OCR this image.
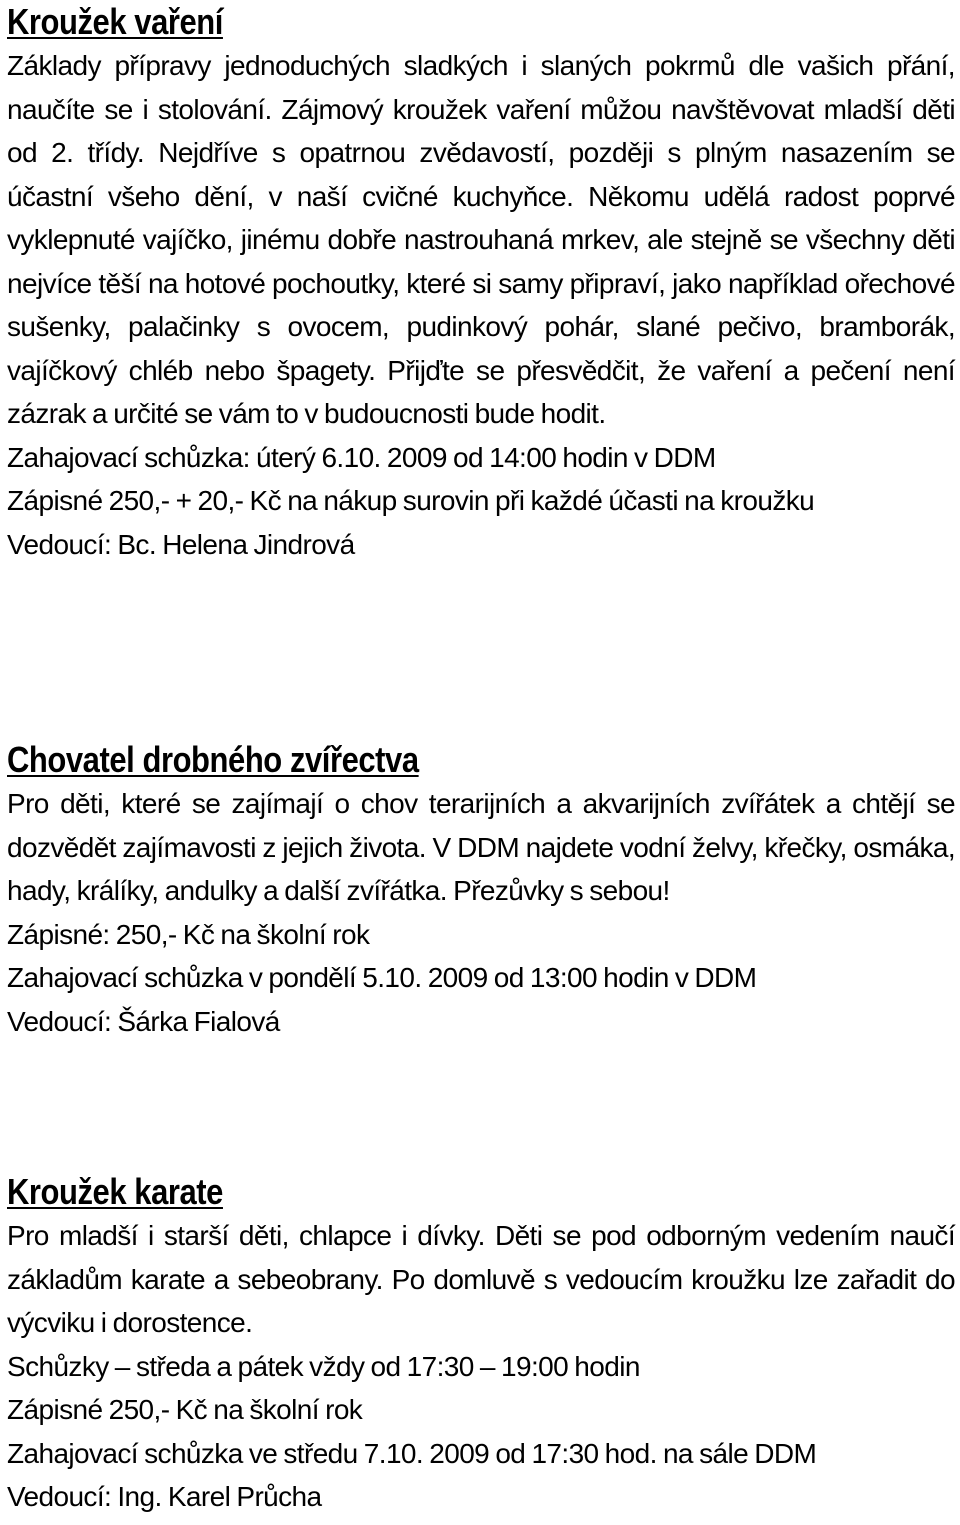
Kroužek vaření

Základy přípravy jednoduchých sladkých i slaných pokrmů dle vašich přání, naučíte se i stolování. Zájmový kroužek vaření můžou navštěvovat mladší děti od 2. třídy. Nejdříve s opatrnou zvědavostí, později s plným nasazením se účastní všeho dění, v naší cvičné kuchyňce. Někomu udělá radost poprvé vyklepnuté vajíčko, jinému dobře nastrouhaná mrkev, ale stejně se všechny děti nejvíce těší na hotové pochoutky, které si samy připraví, jako například ořechové sušenky, palačinky s ovocem, pudinkový pohár, slané pečivo, bramborák, vajíčkový chléb nebo špagety. Přijďte se přesvědčit, že vaření a pečení není zázrak a určité se vám to v budoucnosti bude hodit.

Zahajovací schůzka: úterý 6.10. 2009 od 14:00 hodin v DDM

Zápisné 250,- + 20,- Kč na nákup surovin při každé účasti na kroužku

Vedoucí: Bc. Helena Jindrová

Chovatel drobného zvířectva

Pro děti, které se zajímají o chov terarijních a akvarijních zvířátek a chtějí se dozvědět zajímavosti z jejich života. V DDM najdete vodní želvy, křečky, osmáka, hady, králíky, andulky a další zvířátka. Přezůvky s sebou!

Zápisné: 250,- Kč na školní rok

Zahajovací schůzka v pondělí 5.10. 2009 od 13:00 hodin v DDM

Vedoucí: Šárka Fialová

Kroužek karate

Pro mladší i starší děti, chlapce i dívky. Děti se pod odborným vedením naučí základům karate a sebeobrany. Po domluvě s vedoucím kroužku lze zařadit do výcviku i dorostence.

Schůzky – středa a pátek vždy od 17:30 – 19:00 hodin

Zápisné 250,- Kč na školní rok

Zahajovací schůzka ve středu 7.10. 2009 od 17:30 hod. na sále DDM

Vedoucí: Ing. Karel Průcha
